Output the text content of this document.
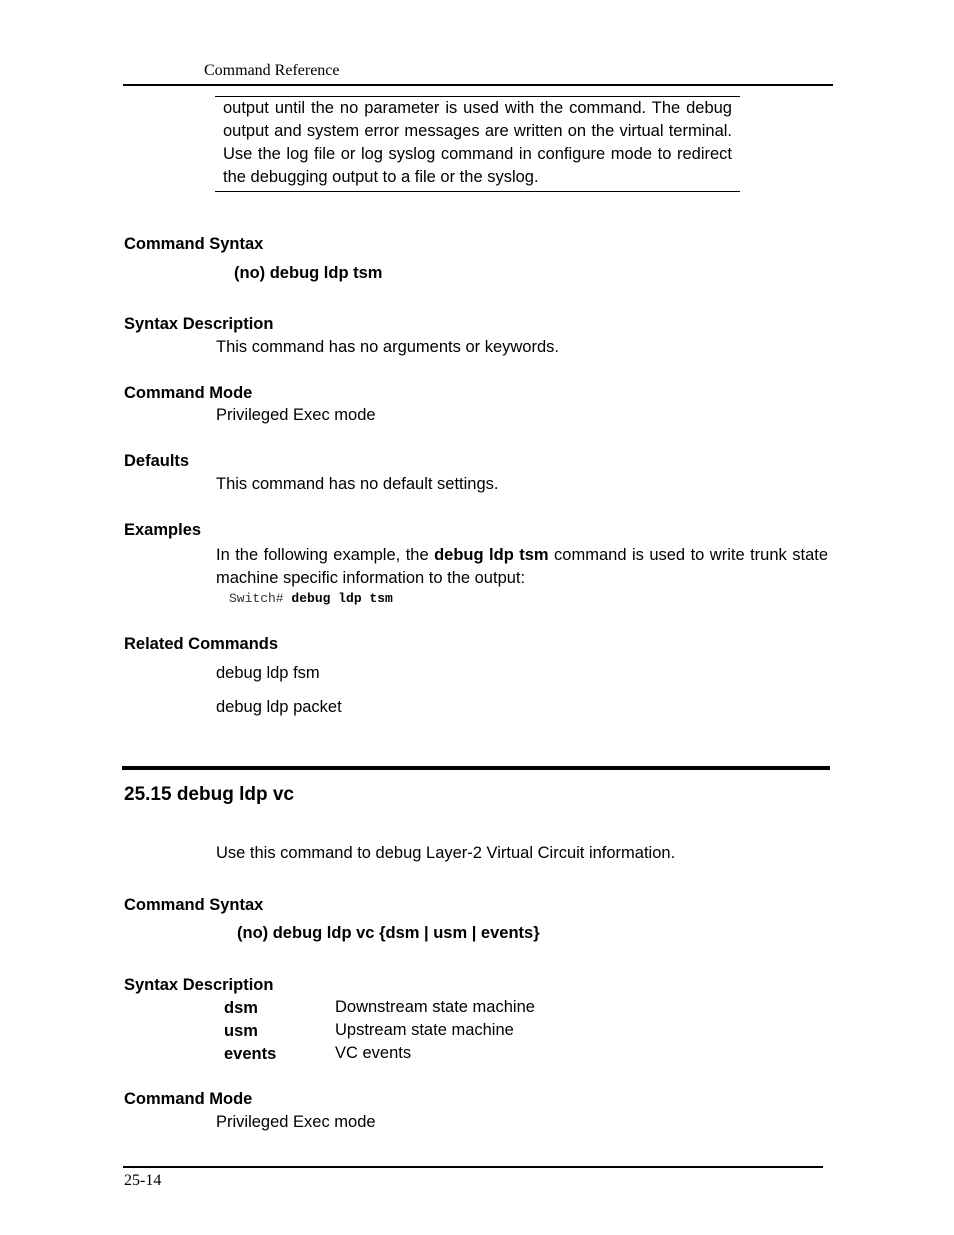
Command Reference
output until the no parameter is used with the command. The debug output and system error messages are written on the virtual terminal. Use the log file or log syslog command in configure mode to redirect the debugging output to a file or the syslog.
Command Syntax
(no) debug ldp tsm
Syntax Description
This command has no arguments or keywords.
Command Mode
Privileged Exec mode
Defaults
This command has no default settings.
Examples
In the following example, the debug ldp tsm command is used to write trunk state machine specific information to the output:
Switch# debug ldp tsm
Related Commands
debug ldp fsm
debug ldp packet
25.15 debug ldp vc
Use this command to debug Layer-2 Virtual Circuit information.
Command Syntax
(no) debug ldp vc {dsm | usm | events}
Syntax Description
dsm	Downstream state machine
usm	Upstream state machine
events	VC events
Command Mode
Privileged Exec mode
25-14
